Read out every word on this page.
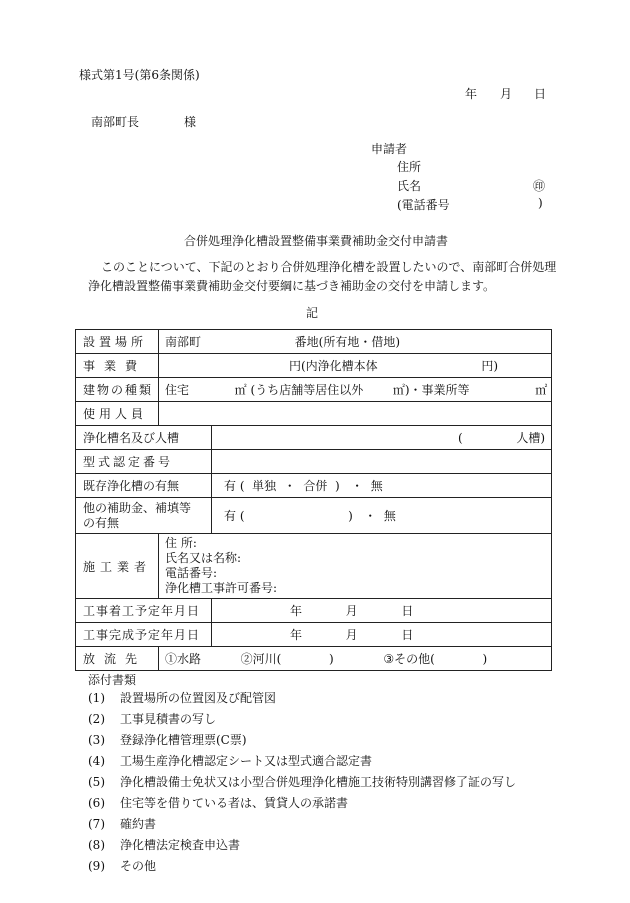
様式第1号(第6条関係)
年 月 日
南部町長	様
申請者
住所
氏名	㊞
(電話番号	)
合併処理浄化槽設置整備事業費補助金交付申請書
このことについて、下記のとおり合併処理浄化槽を設置したいので、南部町合併処理
浄化槽設置整備事業費補助金交付要綱に基づき補助金の交付を申請します。
記
設置場所	南部町 番地(所有地・借地)	
事業費	円(内浄化槽本体 円)	
建物の種類	住宅 ㎡ (うち店舗等居住以外 ㎡)・事業所等 ㎡	
使用人員		
浄化槽名及び人槽		( 人槽)
型式認定番号		
既存浄化槽の有無		有 (  単独  ・  合併  )   ・  無

他の補助金、補填等
の有無		有 ( )   ・  無
施工業者	住 所:
氏名又は名称:
電話番号:
浄化槽工事許可番号:	

工事着工予定年月日		年 月 日
工事完成予定年月日		年 月 日
放流先	①水路 ②河川( ) ③その他( )	
添付書類
(1) 設置場所の位置図及び配管図
(2) 工事見積書の写し
(3) 登録浄化槽管理票(C票)
(4) 工場生産浄化槽認定シート又は型式適合認定書
(5) 浄化槽設備士免状又は小型合併処理浄化槽施工技術特別講習修了証の写し
(6) 住宅等を借りている者は、賃貸人の承諾書
(7) 確約書
(8) 浄化槽法定検査申込書
(9) その他
